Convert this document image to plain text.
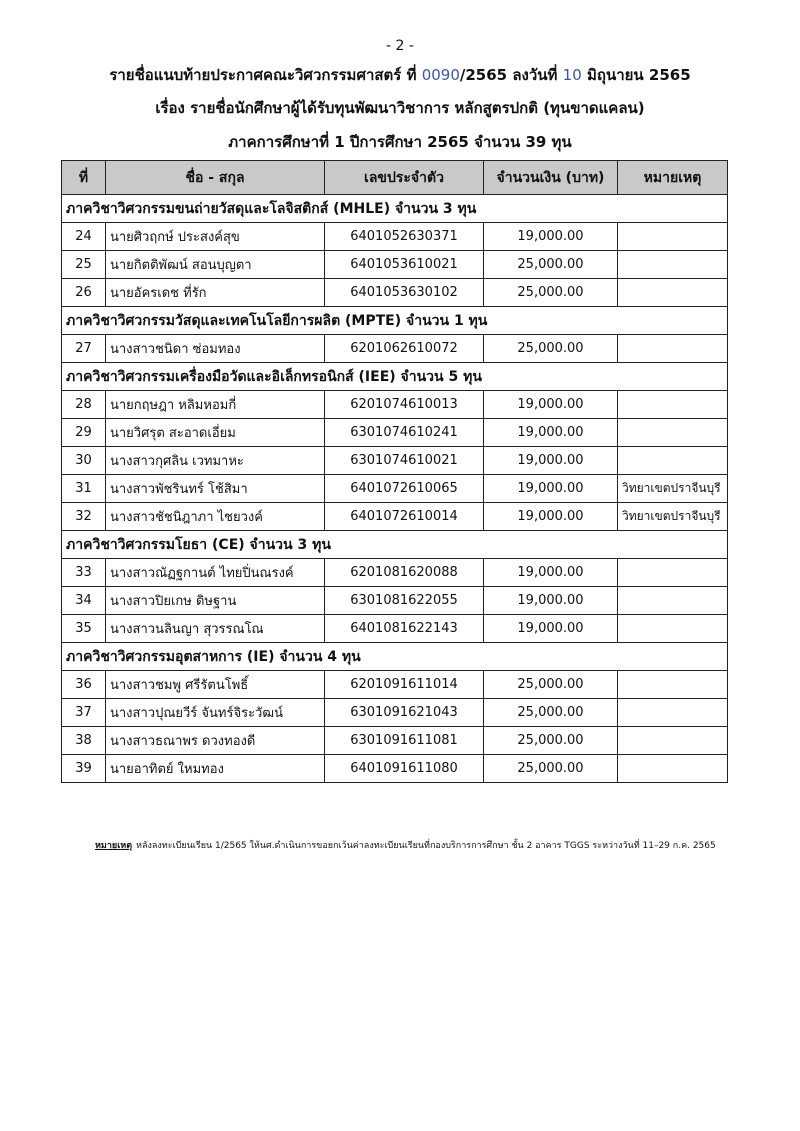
- 2 -
รายชื่อแนบท้ายประกาศคณะวิศวกรรมศาสตร์ ที่ 0090/2565 ลงวันที่ 10 มิถุนายน 2565
เรื่อง รายชื่อนักศึกษาผู้ได้รับทุนพัฒนาวิชาการ หลักสูตรปกติ (ทุนขาดแคลน)
ภาคการศึกษาที่ 1 ปีการศึกษา 2565 จำนวน 39 ทุน
ที่	ชื่อ - สกุล	เลขประจำตัว	จำนวนเงิน (บาท)	หมายเหตุ
ภาควิชาวิศวกรรมขนถ่ายวัสดุและโลจิสติกส์ (MHLE) จำนวน 3 ทุน				
24	นายศิวฤกษ์ ประสงค์สุข	6401052630371	19,000.00	
25	นายกิตติพัฒน์ สอนบุญตา	6401053610021	25,000.00	
26	นายอัครเดช ที่รัก	6401053630102	25,000.00	
ภาควิชาวิศวกรรมวัสดุและเทคโนโลยีการผลิต (MPTE) จำนวน 1 ทุน				
27	นางสาวชนิดา ซ่อมทอง	6201062610072	25,000.00	
ภาควิชาวิศวกรรมเครื่องมือวัดและอิเล็กทรอนิกส์ (IEE) จำนวน 5 ทุน				
28	นายกฤษฎา หลิมหอมกี่	6201074610013	19,000.00	
29	นายวิศรุต สะอาดเอี่ยม	6301074610241	19,000.00	
30	นางสาวกุศลิน เวทมาหะ	6301074610021	19,000.00	
31	นางสาวพัชรินทร์ โช้สิมา	6401072610065	19,000.00	วิทยาเขตปราจีนบุรี
32	นางสาวชัชนิฎาภา ไชยวงค์	6401072610014	19,000.00	วิทยาเขตปราจีนบุรี
ภาควิชาวิศวกรรมโยธา (CE) จำนวน 3 ทุน				
33	นางสาวณัฏฐกานต์ ไทยปิ่นณรงค์	6201081620088	19,000.00	
34	นางสาวปิยเกษ ดิษฐาน	6301081622055	19,000.00	
35	นางสาวนลินญา สุวรรณโณ	6401081622143	19,000.00	
ภาควิชาวิศวกรรมอุตสาหการ (IE) จำนวน 4 ทุน				
36	นางสาวชมพู ศรีรัตนโพธิ์	6201091611014	25,000.00	
37	นางสาวปุณยวีร์ จันทร์จิระวัฒน์	6301091621043	25,000.00	
38	นางสาวธณาพร ดวงทองดี	6301091611081	25,000.00	
39	นายอาทิตย์ ใหมทอง	6401091611080	25,000.00	
หมายเหตุ หลังลงทะเบียนเรียน 1/2565 ให้นศ.ดำเนินการขอยกเว้นค่าลงทะเบียนเรียนที่กองบริการการศึกษา ชั้น 2 อาคาร TGGS ระหว่างวันที่ 11–29 ก.ค. 2565
